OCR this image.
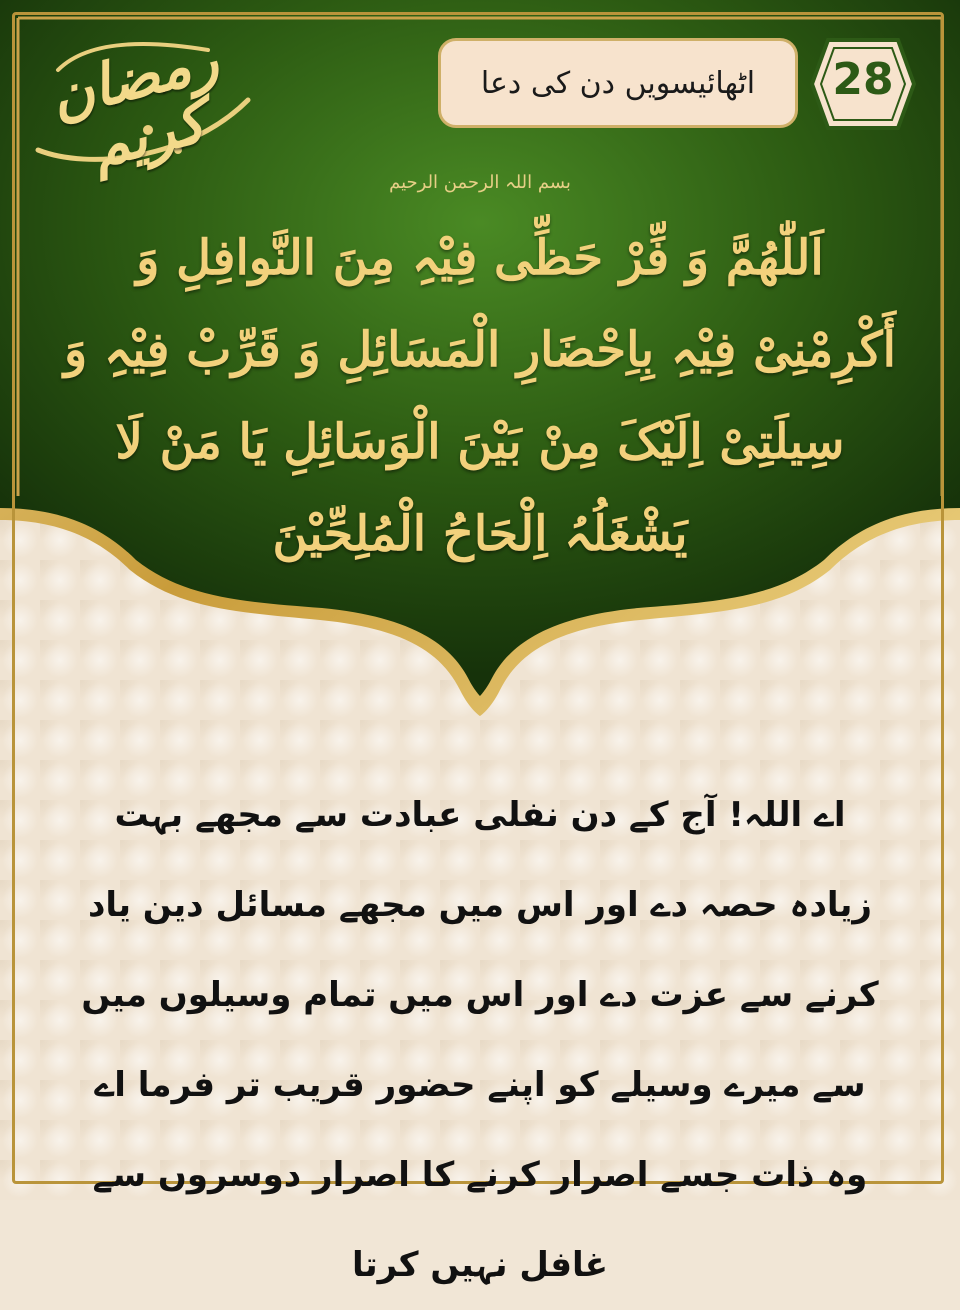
رمضان کریم
اٹھائیسویں دن کی دعا	28
بسم اللہ الرحمن الرحیم
اَللّٰھُمَّ وَ فِّرْ حَظِّی فِیْہِ مِنَ النَّوافِلِ وَ أَکْرِمْنِیْ فِیْہِ بِاِحْضَارِ الْمَسَائِلِ وَ قَرِّبْ فِیْہِ وَ سِیلَتِیْ اِلَیْکَ مِنْ بَیْنَ الْوَسَائِلِ یَا مَنْ لَا یَشْغَلُہُ اِلْحَاحُ الْمُلِحِّیْنَ
اے اللہ! آج کے دن نفلی عبادت سے مجھے بہت زیادہ حصہ دے اور اس میں مجھے مسائل دین یاد کرنے سے عزت دے اور اس میں تمام وسیلوں میں سے میرے وسیلے کو اپنے حضور قریب تر فرما اے وہ ذات جسے اصرار کرنے کا اصرار دوسروں سے غافل نہیں کرتا
